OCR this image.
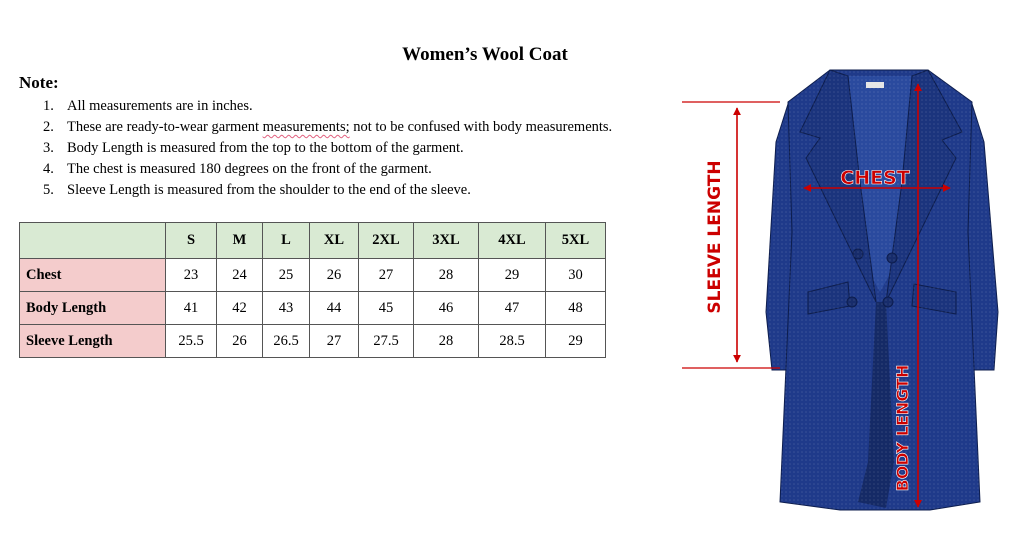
Women’s Wool Coat
Note:
1. All measurements are in inches.
2. These are ready-to-wear garment measurements; not to be confused with body measurements.
3. Body Length is measured from the top to the bottom of the garment.
4. The chest is measured 180 degrees on the front of the garment.
5. Sleeve Length is measured from the shoulder to the end of the sleeve.
	S	M	L	XL	2XL	3XL	4XL	5XL
Chest	23	24	25	26	27	28	29	30
Body Length	41	42	43	44	45	46	47	48
Sleeve Length	25.5	26	26.5	27	27.5	28	28.5	29
SLEEVE LENGTH	CHEST
BODY LENGTH
